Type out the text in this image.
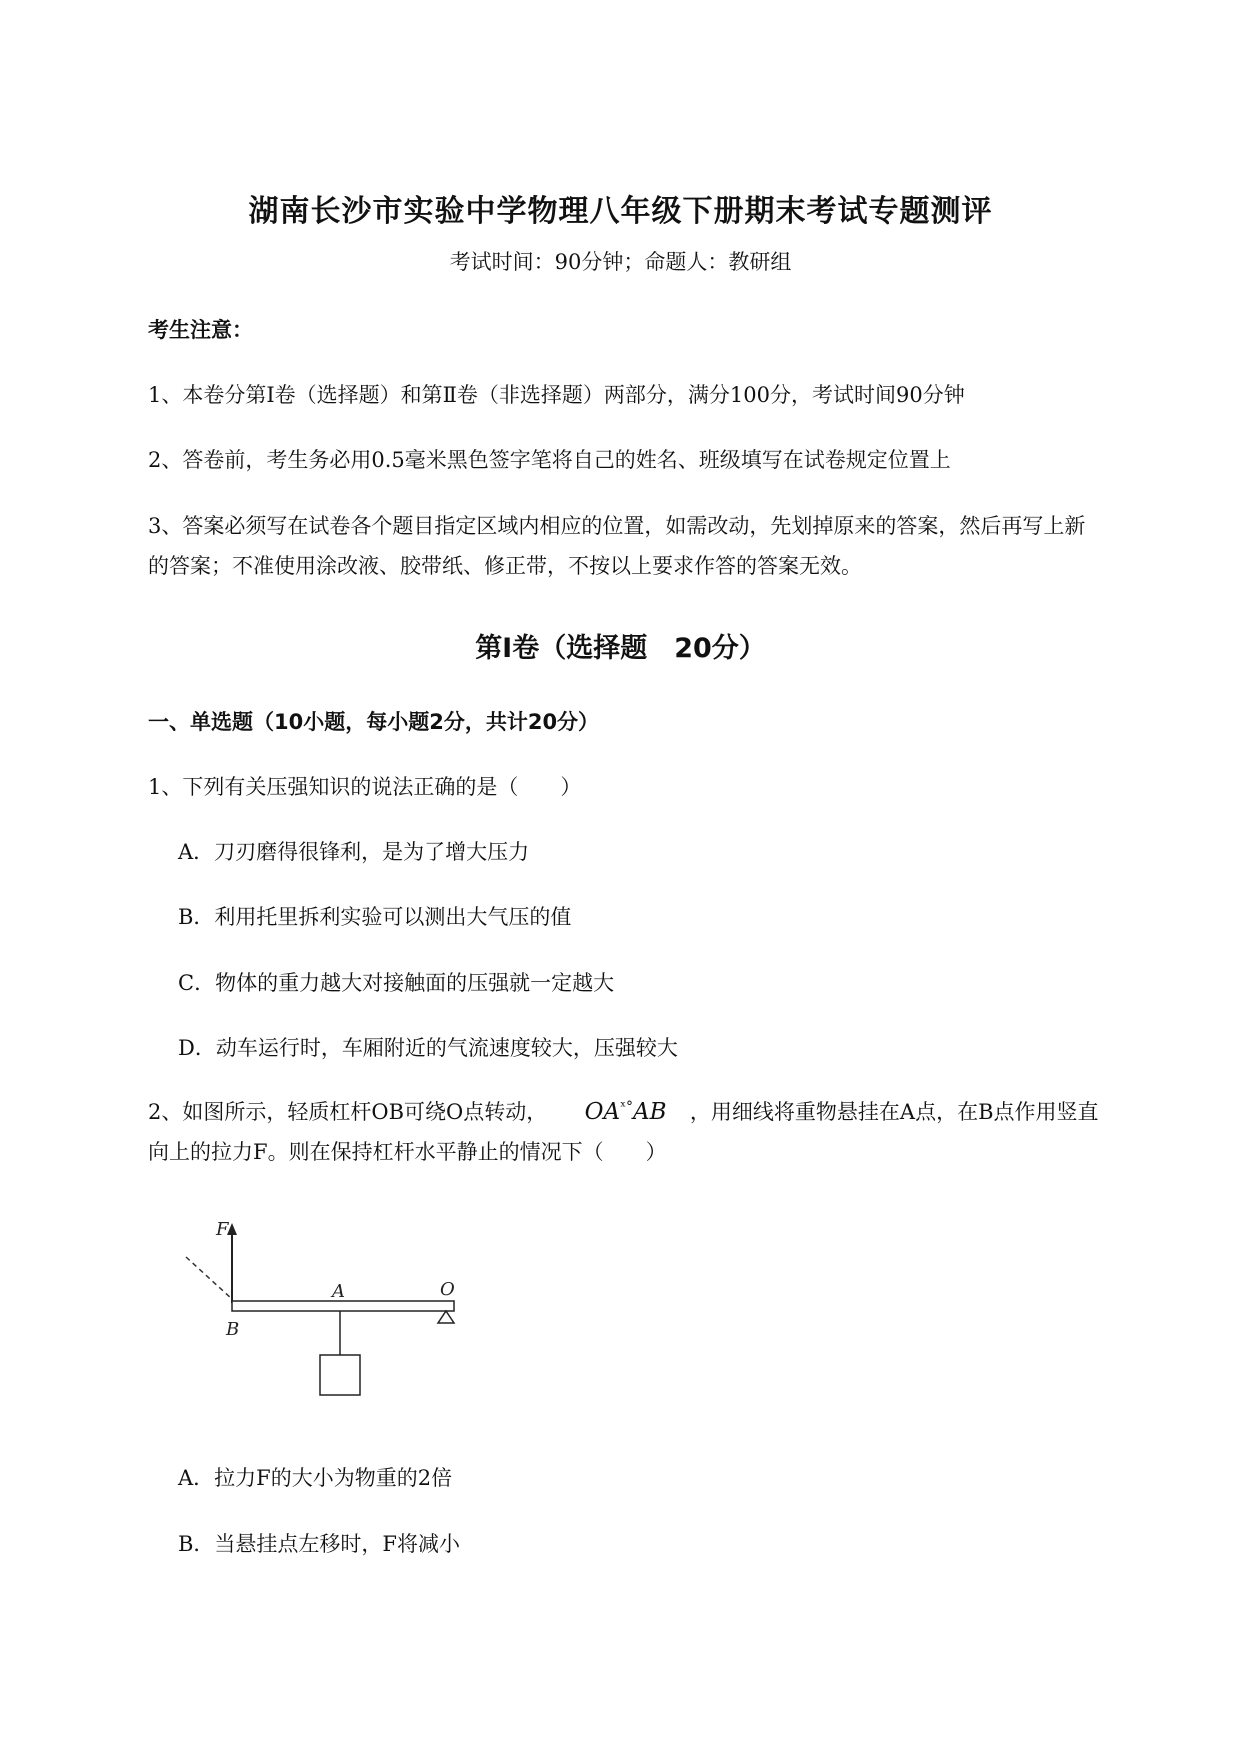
湖南长沙市实验中学物理八年级下册期末考试专题测评
考试时间：90分钟；命题人：教研组
考生注意：
1、本卷分第I卷（选择题）和第Ⅱ卷（非选择题）两部分，满分100分，考试时间90分钟
2、答卷前，考生务必用0.5毫米黑色签字笔将自己的姓名、班级填写在试卷规定位置上
3、答案必须写在试卷各个题目指定区域内相应的位置，如需改动，先划掉原来的答案，然后再写上新
的答案；不准使用涂改液、胶带纸、修正带，不按以上要求作答的答案无效。
第I卷（选择题　20分）
一、单选题（10小题，每小题2分，共计20分）
1、下列有关压强知识的说法正确的是（　　）
A．刀刃磨得很锋利，是为了增大压力
B．利用托里拆利实验可以测出大气压的值
C．物体的重力越大对接触面的压强就一定越大
D．动车运行时，车厢附近的气流速度较大，压强较大
2、如图所示，轻质杠杆OB可绕O点转动， $OA^{ˣ^\circ}AB$ ，用细线将重物悬挂在A点，在B点作用竖直
向上的拉力F。则在保持杠杆水平静止的情况下（　　）
F
A	O
B
A．拉力F的大小为物重的2倍
B．当悬挂点左移时，F将减小
